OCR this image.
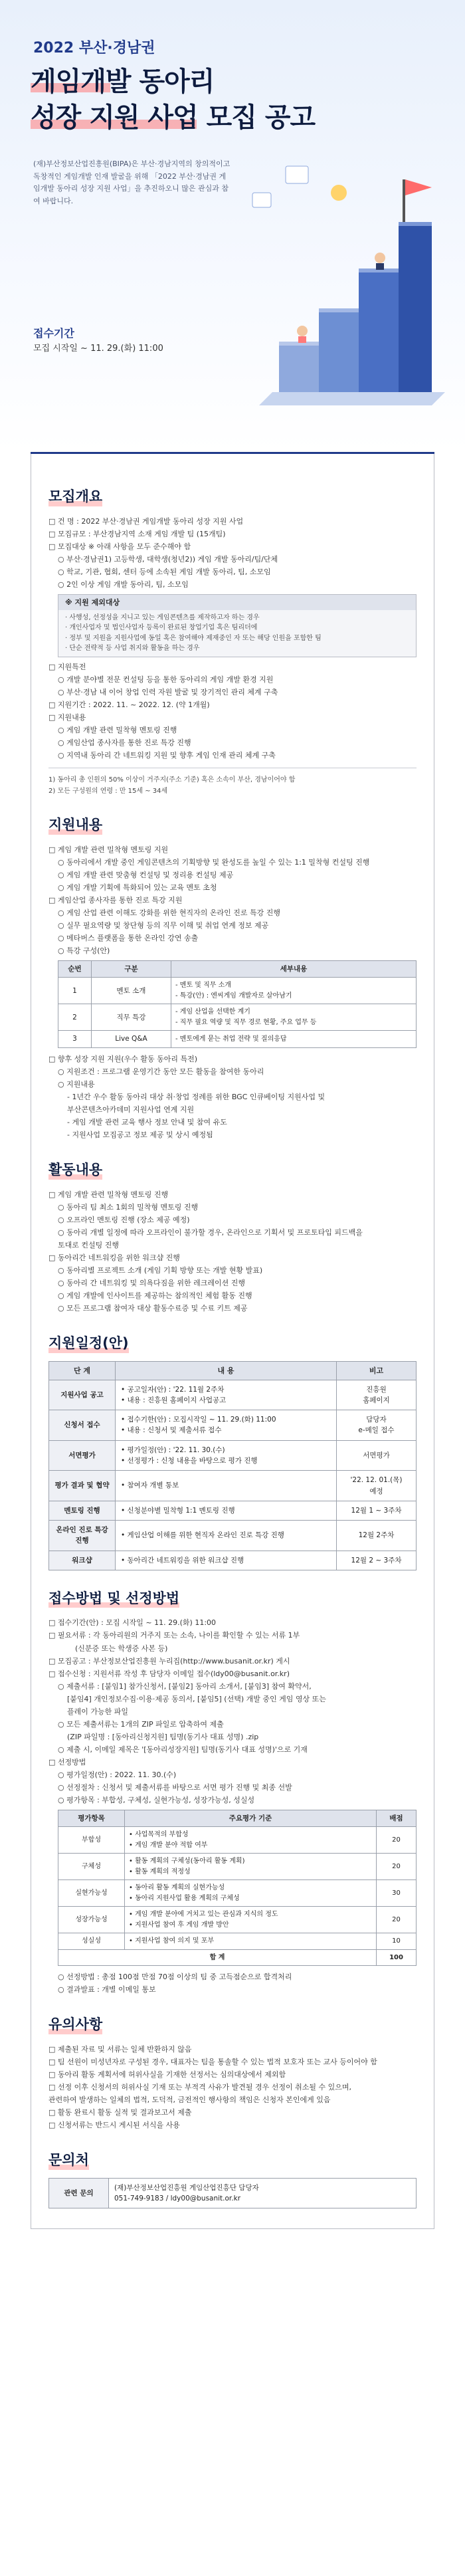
2022 부산·경남권
게임개발 동아리
성장 지원 사업 모집 공고
(재)부산정보산업진흥원(BIPA)은 부산·경남지역의 창의적이고 독창적인 게임개발 인재 발굴을 위해 「2022 부산·경남권 게임개발 동아리 성장 지원 사업」을 추진하오니 많은 관심과 참여 바랍니다.
접수기간
모집 시작일 ~ 11. 29.(화) 11:00
모집개요
□ 건 명 : 2022 부산·경남권 게임개발 동아리 성장 지원 사업
□ 모집규모 : 부산경남지역 소재 게임 개발 팀 (15개팀)
□ 모집대상 ※ 아래 사항을 모두 준수해야 함
○ 부산·경남권1) 고등학생, 대학생(청년2)) 게임 개발 동아리/팀/단체
○ 학교, 기관, 협회, 센터 등에 소속된 게임 개발 동아리, 팀, 소모임
○ 2인 이상 게임 개발 동아리, 팀, 소모임
※ 지원 제외대상
· 사행성, 선정성을 지니고 있는 게임콘텐츠를 제작하고자 하는 경우
· 개인사업자 및 법인사업자 등록이 완료된 창업기업 혹은 팀리더에
· 정부 및 지원을 지원사업에 동일 혹은 참여해야 제재중인 자 또는 해당 인원을 포함한 팀
· 단순 전략적 등 사업 취지와 활동을 하는 경우
□ 지원특전
○ 개발 분야별 전문 컨설팅 등을 통한 동아리의 게임 개발 환경 지원
○ 부산·경남 내 이어 창업 인력 자원 발굴 및 장기적인 관리 체계 구축
□ 지원기간 : 2022. 11. ~ 2022. 12. (약 1개월)
□ 지원내용
○ 게임 개발 관련 밀착형 멘토링 진행
○ 게임산업 종사자를 통한 진로 특강 진행
○ 지역내 동아리 간 네트워킹 지원 및 향후 게임 인재 관리 체계 구축
1) 동아리 총 인원의 50% 이상이 거주지(주소 기준) 혹은 소속이 부산, 경남이어야 함
2) 모든 구성원의 연령 : 만 15세 ~ 34세
지원내용
□ 게임 개발 관련 밀착형 멘토링 지원
○ 동아리에서 개발 중인 게임콘텐츠의 기획방향 및 완성도를 높일 수 있는 1:1 밀착형 컨설팅 진행
○ 게임 개발 관련 맞춤형 컨설팅 및 정리용 컨설팅 제공
○ 게임 개발 기획에 특화되어 있는 교육 멘토 초청
□ 게임산업 종사자를 통한 진로 특강 지원
○ 게임 산업 관련 이해도 강화를 위한 현직자의 온라인 진로 특강 진행
○ 실무 필요역량 및 창단형 등의 직무 이해 및 취업 연계 정보 제공
○ 메타버스 플랫폼을 통한 온라인 강연 송출
○ 특강 구성(안)
순번	구분	세부내용
1	멘토 소개	- 멘토 및 직무 소개
- 특강(안) : 엔씨게임 개발자로 살아남기
2	직무 특강	- 게임 산업을 선택한 계기
- 직무 필요 역량 및 직무 경로 현황, 주요 업무 등
3	Live Q&A	- 멘토에게 묻는 취업 전략 및 질의응답
□ 향후 성장 지원 지원(우수 활동 동아리 특전)
○ 지원조건 : 프로그램 운영기간 동안 모든 활동을 참여한 동아리
○ 지원내용
- 1년간 우수 활동 동아리 대상 취·창업 정례를 위한 BGC 인큐베이팅 지원사업 및
부산콘텐츠아카데미 지원사업 연계 지원
- 게임 개발 관련 교육 행사 정보 안내 및 참여 유도
- 지원사업 모집공고 정보 제공 및 상시 예정됨
활동내용
□ 게임 개발 관련 밀착형 멘토링 진행
○ 동아리 팀 최소 1회의 밀착형 멘토링 진행
○ 오프라인 멘토링 진행 (장소 제공 예정)
○ 동아리 개별 일정에 따라 오프라인이 불가할 경우, 온라인으로 기획서 및 프로토타입 피드백을
토대로 컨설팅 진행
□ 동아리간 네트워킹을 위한 워크샵 진행
○ 동아리별 프로젝트 소개 (게임 기획 방향 또는 개발 현황 발표)
○ 동아리 간 네트워킹 및 의욕다짐을 위한 레크레이션 진행
○ 게임 개발에 인사이트를 제공하는 참의적인 체험 활동 진행
○ 모든 프로그램 참여자 대상 활동수료증 및 수료 키트 제공
지원일정(안)
단 계	내 용	비고
지원사업 공고	• 공고일자(안) : '22. 11월 2주차
• 내용 : 진흥원 홈페이지 사업공고	진흥원
홈페이지
신청서 접수	• 접수기한(안) : 모집시작일 ~ 11. 29.(화) 11:00
• 내용 : 신청서 및 제출서류 접수	담당자
e-메일 접수
서면평가	• 평가일정(안) : '22. 11. 30.(수)
• 선정평가 : 신청 내용을 바탕으로 평가 진행	서면평가
평가 결과 및 협약	• 참여자 개별 통보	'22. 12. 01.(목)
예정
멘토링 진행	• 신청분야별 밀착형 1:1 멘토링 진행	12월 1 ~ 3주차
온라인 진로 특강
진행	• 게임산업 이해를 위한 현직자 온라인 진로 특강 진행	12월 2주차
워크샵	• 동아리간 네트워킹을 위한 워크샵 진행	12월 2 ~ 3주차
접수방법 및 선정방법
□ 접수기간(안) : 모집 시작일 ~ 11. 29.(화) 11:00
□ 필요서류 : 각 동아리원의 거주지 또는 소속, 나이를 확인할 수 있는 서류 1부
(신분증 또는 학생증 사본 등)
□ 모집공고 : 부산정보산업진흥원 누리집(http://www.busanit.or.kr) 게시
□ 접수신청 : 지원서류 작성 후 담당자 이메일 접수(ldy00@busanit.or.kr)
○ 제출서류 : [붙임1] 참가신청서, [붙임2] 동아리 소개서, [붙임3] 참여 확약서,
[붙임4] 개인정보수집·이용·제공 동의서, [붙임5] (선택) 개발 중인 게임 영상 또는
플레이 가능한 파일
○ 모든 제출서류는 1개의 ZIP 파일로 압축하여 제출
(ZIP 파일명 : [동아리신청지원] 팀명(동기사 대표 성명) .zip
○ 제출 시, 이메일 제목은 '[동아리성장지원] 팀명(동기사 대표 성명)'으로 기재
□ 선정방법
○ 평가일정(안) : 2022. 11. 30.(수)
○ 선정절차 : 신청서 및 제출서류를 바탕으로 서면 평가 진행 및 최종 선발
○ 평가항목 : 부합성, 구체성, 실현가능성, 성장가능성, 성실성
평가항목	주요평가 기준	배점
부합성	• 사업목적의 부합성
• 게임 개발 분야 적합 여부	20
구체성	• 활동 계획의 구체성(동아리 활동 계획)
• 활동 계획의 적정성	20
실현가능성	• 동아리 활동 계획의 실현가능성
• 동아리 지원사업 활용 계획의 구체성	30
성장가능성	• 게임 개발 분야에 거치고 있는 관심과 지식의 정도
• 지원사업 참여 후 게임 개발 방안	20
성실성	• 지원사업 참여 의지 및 포부	10
합 계		100
○ 선정방법 : 총점 100점 만점 70점 이상의 팀 중 고득점순으로 합격처리
○ 결과발표 : 개별 이메일 통보
유의사항
□ 제출된 자료 및 서류는 일체 반환하지 않음
□ 팀 선원이 미성년자로 구성된 경우, 대표자는 팀을 통솔할 수 있는 법적 보호자 또는 교사 등이어야 함
□ 동아리 활동 계획서에 허위사실을 기재한 선정서는 심의대상에서 제외함
□ 선정 이후 신청서의 허위사실 기재 또는 부적격 사유가 발견될 경우 선정이 취소될 수 있으며,
관련하여 발생하는 일체의 법적, 도덕적, 금전적인 행사항의 책임은 신청자 본인에게 있음
□ 활동 완료시 활동 실적 및 결과보고서 제출
□ 신청서류는 반드시 게시된 서식을 사용
문의처
관련 문의	
(재)부산정보산업진흥원 게임산업진흥단 담당자
051-749-9183 / ldy00@busanit.or.kr
